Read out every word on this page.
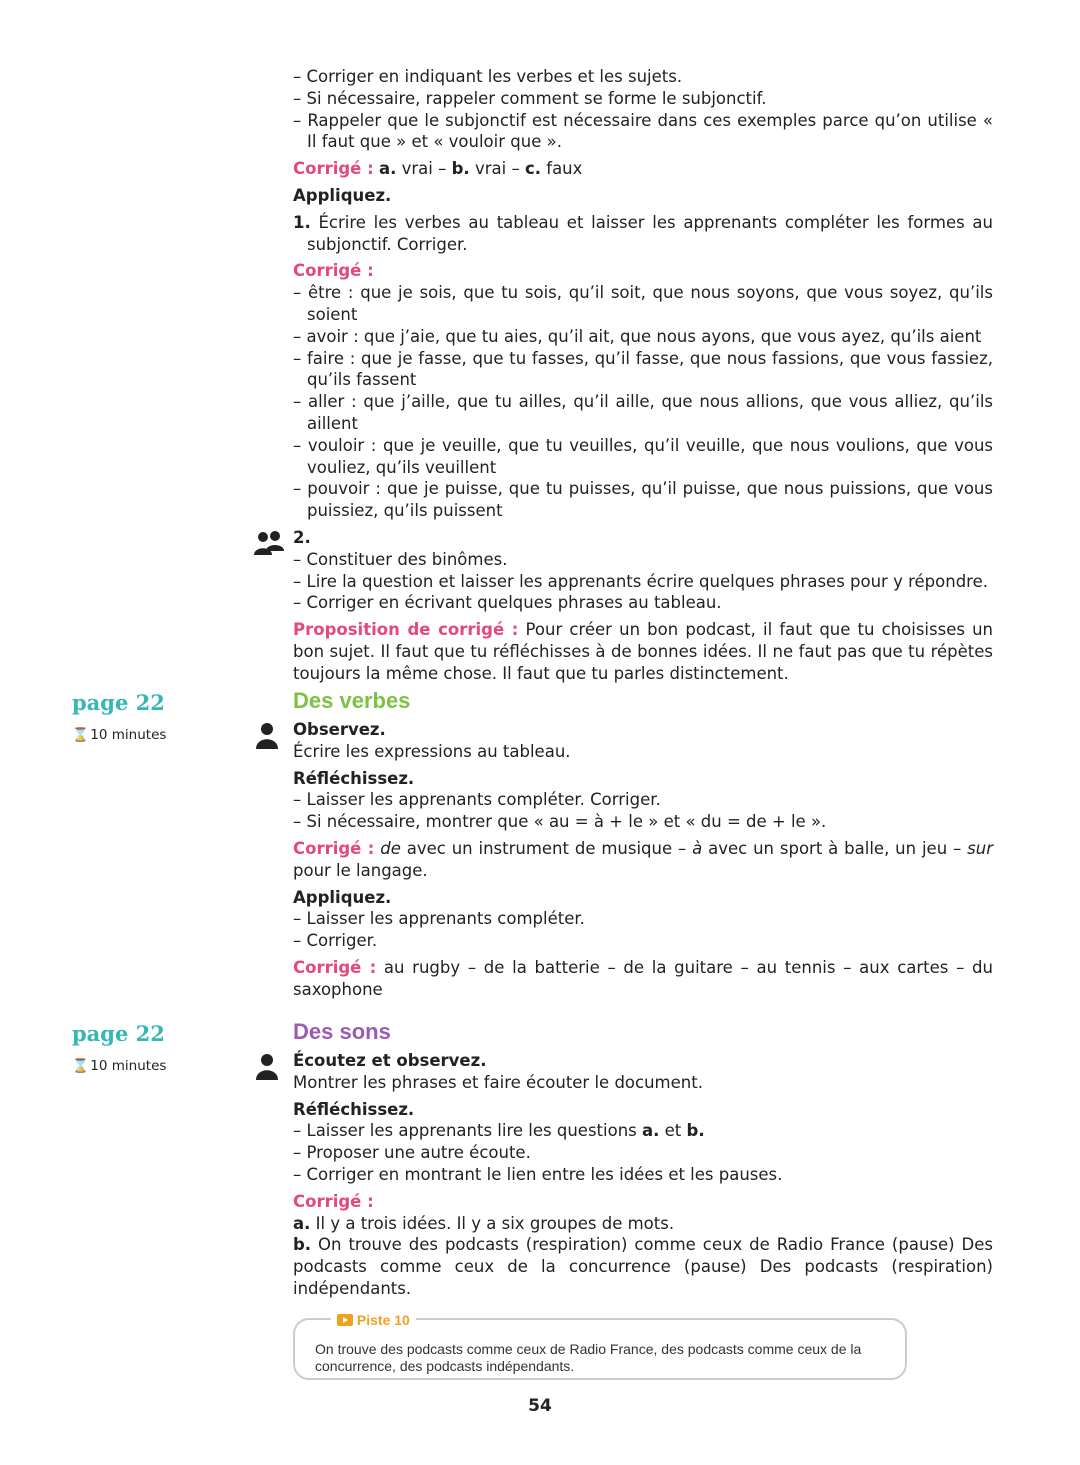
– Corriger en indiquant les verbes et les sujets.
– Si nécessaire, rappeler comment se forme le subjonctif.
– Rappeler que le subjonctif est nécessaire dans ces exemples parce qu’on utilise « Il faut que » et « vouloir que ».
Corrigé : a. vrai – b. vrai – c. faux
Appliquez.
1. Écrire les verbes au tableau et laisser les apprenants compléter les formes au subjonctif. Corriger.
Corrigé :
– être : que je sois, que tu sois, qu’il soit, que nous soyons, que vous soyez, qu’ils soient
– avoir : que j’aie, que tu aies, qu’il ait, que nous ayons, que vous ayez, qu’ils aient
– faire : que je fasse, que tu fasses, qu’il fasse, que nous fassions, que vous fassiez, qu’ils fassent
– aller : que j’aille, que tu ailles, qu’il aille, que nous allions, que vous alliez, qu’ils aillent
– vouloir : que je veuille, que tu veuilles, qu’il veuille, que nous voulions, que vous vouliez, qu’ils veuillent
– pouvoir : que je puisse, que tu puisses, qu’il puisse, que nous puissions, que vous puissiez, qu’ils puissent
2.
– Constituer des binômes.
– Lire la question et laisser les apprenants écrire quelques phrases pour y répondre.
– Corriger en écrivant quelques phrases au tableau.
Proposition de corrigé : Pour créer un bon podcast, il faut que tu choisisses un bon sujet. Il faut que tu réfléchisses à de bonnes idées. Il ne faut pas que tu répètes toujours la même chose. Il faut que tu parles distinctement.
page 22
⌛ 10 minutes
Des verbes
Observez.
Écrire les expressions au tableau.
Réfléchissez.
– Laisser les apprenants compléter. Corriger.
– Si nécessaire, montrer que « au = à + le » et « du = de + le ».
Corrigé : de avec un instrument de musique – à avec un sport à balle, un jeu – sur pour le langage.
Appliquez.
– Laisser les apprenants compléter.
– Corriger.
Corrigé : au rugby – de la batterie – de la guitare – au tennis – aux cartes – du saxophone
page 22
⌛ 10 minutes
Des sons
Écoutez et observez.
Montrer les phrases et faire écouter le document.
Réfléchissez.
– Laisser les apprenants lire les questions a. et b.
– Proposer une autre écoute.
– Corriger en montrant le lien entre les idées et les pauses.
Corrigé :
a. Il y a trois idées. Il y a six groupes de mots.
b. On trouve des podcasts (respiration) comme ceux de Radio France (pause) Des podcasts comme ceux de la concurrence (pause) Des podcasts (respiration) indépendants.
Piste 10
On trouve des podcasts comme ceux de Radio France, des podcasts comme ceux de la concurrence, des podcasts indépendants.
54
